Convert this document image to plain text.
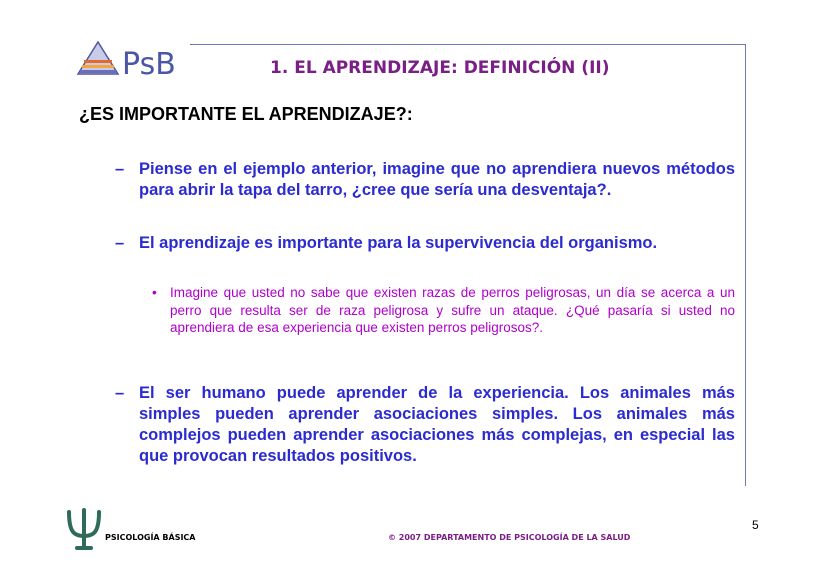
PsB	1. EL APRENDIZAJE: DEFINICIÓN (II)
¿ES IMPORTANTE EL APRENDIZAJE?:
– Piense en el ejemplo anterior, imagine que no aprendiera nuevos métodos para abrir la tapa del tarro, ¿cree que sería una desventaja?.
– El aprendizaje es importante para la supervivencia del organismo.
• Imagine que usted no sabe que existen razas de perros peligrosas, un día se acerca a un perro que resulta ser de raza peligrosa y sufre un ataque. ¿Qué pasaría si usted no aprendiera de esa experiencia que existen perros peligrosos?.
– El ser humano puede aprender de la experiencia. Los animales más simples pueden aprender asociaciones simples. Los animales más complejos pueden aprender asociaciones más complejas, en especial las que provocan resultados positivos.
PSICOLOGÍA BÁSICA	© 2007 DEPARTAMENTO DE PSICOLOGÍA DE LA SALUD
5
